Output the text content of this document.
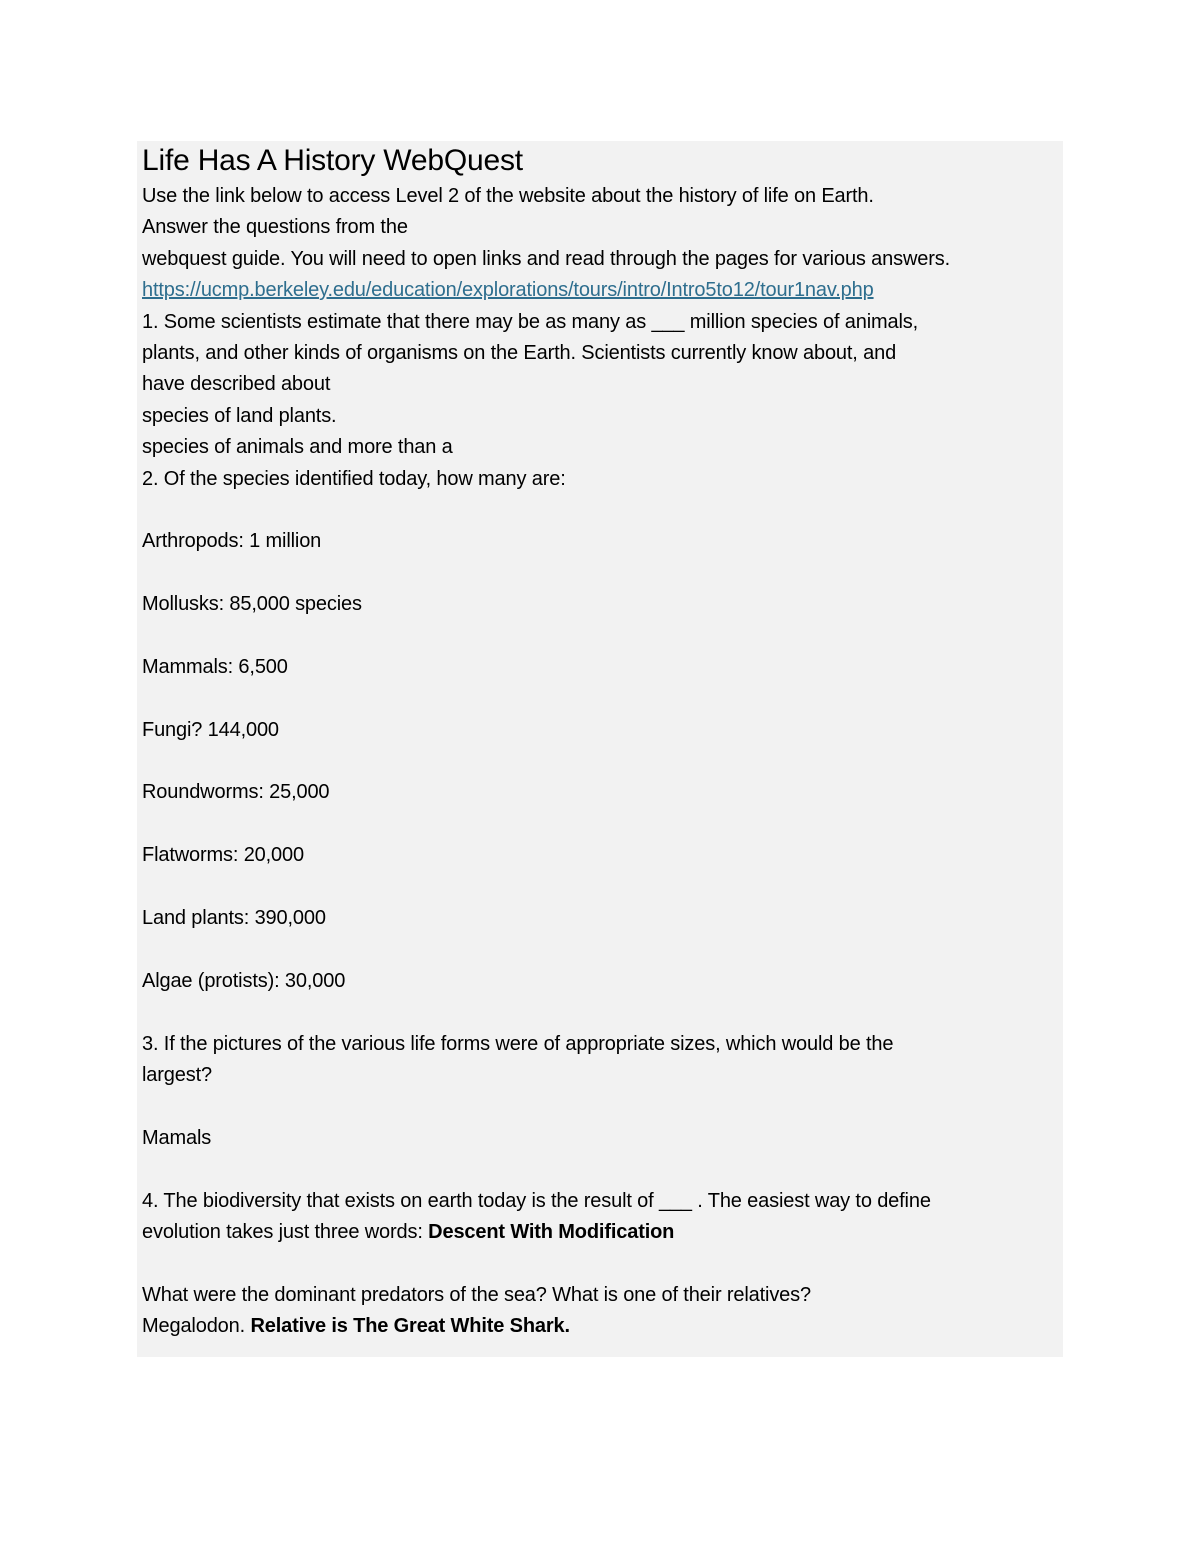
Life Has A History WebQuest
Use the link below to access Level 2 of the website about the history of life on Earth.
Answer the questions from the
webquest guide. You will need to open links and read through the pages for various answers.
https://ucmp.berkeley.edu/education/explorations/tours/intro/Intro5to12/tour1nav.php
1. Some scientists estimate that there may be as many as ___ million species of animals,
plants, and other kinds of organisms on the Earth. Scientists currently know about, and
have described about
species of land plants.
species of animals and more than a
2. Of the species identified today, how many are:
Arthropods: 1 million
Mollusks: 85,000 species
Mammals: 6,500
Fungi? 144,000
Roundworms: 25,000
Flatworms: 20,000
Land plants: 390,000
Algae (protists): 30,000
3. If the pictures of the various life forms were of appropriate sizes, which would be the
largest?
Mamals
4. The biodiversity that exists on earth today is the result of ___ . The easiest way to define
evolution takes just three words: Descent With Modification
What were the dominant predators of the sea? What is one of their relatives?
Megalodon. Relative is The Great White Shark.
